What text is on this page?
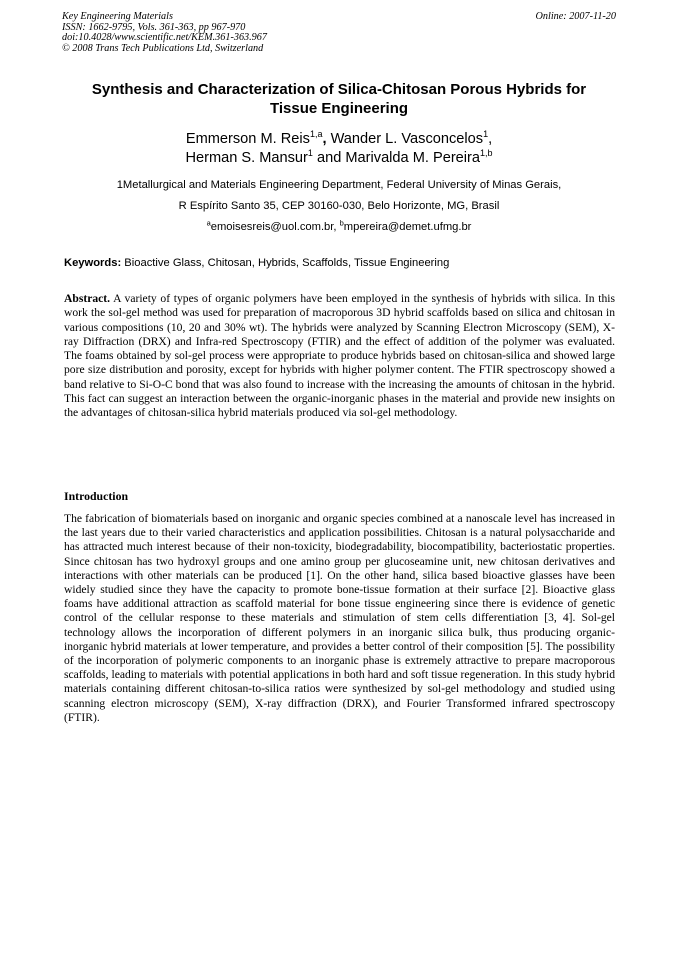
Key Engineering Materials
ISSN: 1662-9795, Vols. 361-363, pp 967-970
doi:10.4028/www.scientific.net/KEM.361-363.967
© 2008 Trans Tech Publications Ltd, Switzerland
Online: 2007-11-20
Synthesis and Characterization of Silica-Chitosan Porous Hybrids for
Tissue Engineering
Emmerson M. Reis$^{1,a}$, Wander L. Vasconcelos$^1$,
Herman S. Mansur$^1$ and Marivalda M. Pereira$^{1,b}$
1Metallurgical and Materials Engineering Department, Federal University of Minas Gerais,
R Espírito Santo 35, CEP 30160-030, Belo Horizonte, MG, Brasil
$^a$emoisesreis@uol.com.br, $^b$mpereira@demet.ufmg.br
Keywords: Bioactive Glass, Chitosan, Hybrids, Scaffolds, Tissue Engineering
Abstract. A variety of types of organic polymers have been employed in the synthesis of hybrids with silica. In this work the sol-gel method was used for preparation of macroporous 3D hybrid scaffolds based on silica and chitosan in various compositions (10, 20 and 30% wt). The hybrids were analyzed by Scanning Electron Microscopy (SEM), X-ray Diffraction (DRX) and Infra-red Spectroscopy (FTIR) and the effect of addition of the polymer was evaluated. The foams obtained by sol-gel process were appropriate to produce hybrids based on chitosan-silica and showed large pore size distribution and porosity, except for hybrids with higher polymer content. The FTIR spectroscopy showed a band relative to Si-O-C bond that was also found to increase with the increasing the amounts of chitosan in the hybrid. This fact can suggest an interaction between the organic-inorganic phases in the material and provide new insights on the advantages of chitosan-silica hybrid materials produced via sol-gel methodology.
Introduction
The fabrication of biomaterials based on inorganic and organic species combined at a nanoscale level has increased in the last years due to their varied characteristics and application possibilities. Chitosan is a natural polysaccharide and has attracted much interest because of their non-toxicity, biodegradability, biocompatibility, bacteriostatic properties. Since chitosan has two hydroxyl groups and one amino group per glucoseamine unit, new chitosan derivatives and interactions with other materials can be produced [1]. On the other hand, silica based bioactive glasses have been widely studied since they have the capacity to promote bone-tissue formation at their surface [2]. Bioactive glass foams have additional attraction as scaffold material for bone tissue engineering since there is evidence of genetic control of the cellular response to these materials and stimulation of stem cells differentiation [3, 4]. Sol-gel technology allows the incorporation of different polymers in an inorganic silica bulk, thus producing organic-inorganic hybrid materials at lower temperature, and provides a better control of their composition [5]. The possibility of the incorporation of polymeric components to an inorganic phase is extremely attractive to prepare macroporous scaffolds, leading to materials with potential applications in both hard and soft tissue regeneration. In this study hybrid materials containing different chitosan-to-silica ratios were synthesized by sol-gel methodology and studied using scanning electron microscopy (SEM), X-ray diffraction (DRX), and Fourier Transformed infrared spectroscopy (FTIR).
